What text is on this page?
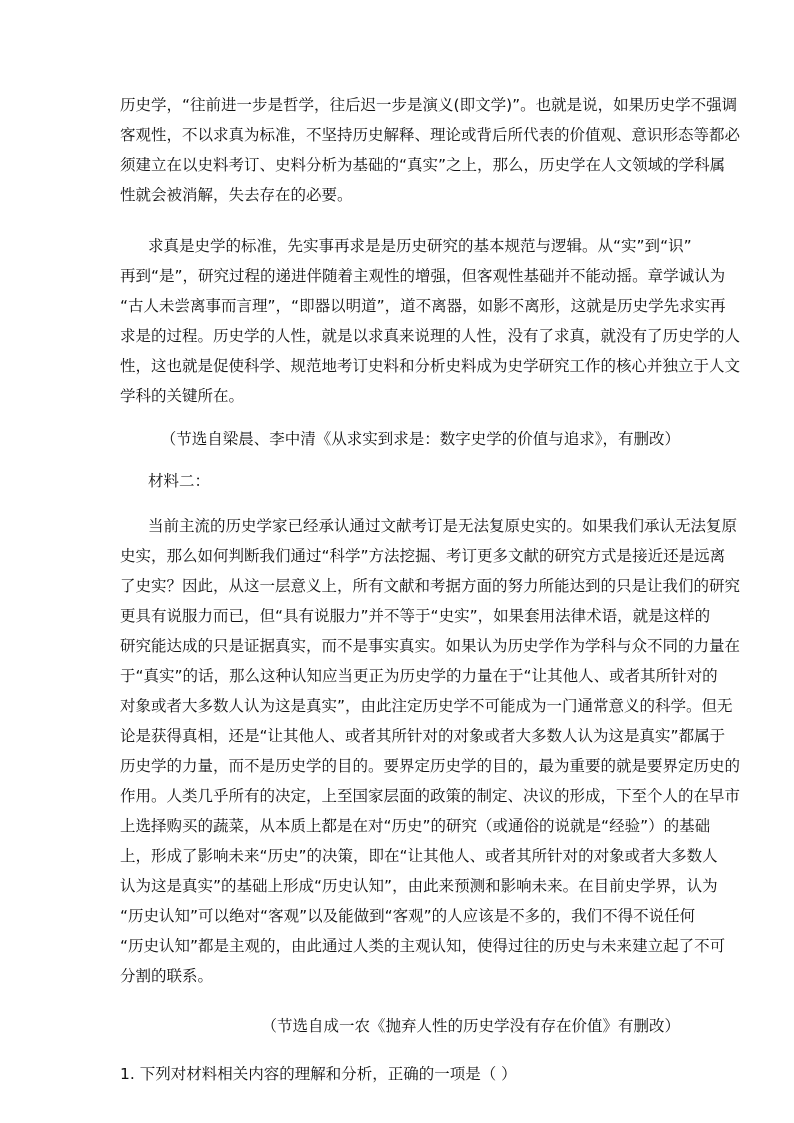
历史学，“往前进一步是哲学，往后迟一步是演义(即文学)”。也就是说，如果历史学不强调
客观性，不以求真为标准，不坚持历史解释、理论或背后所代表的价值观、意识形态等都必
须建立在以史料考订、史料分析为基础的“真实”之上，那么，历史学在人文领域的学科属
性就会被消解，失去存在的必要。
求真是史学的标准，先实事再求是是历史研究的基本规范与逻辑。从“实”到“识”
再到“是”，研究过程的递进伴随着主观性的增强，但客观性基础并不能动摇。章学诚认为
“古人未尝离事而言理”，“即器以明道”，道不离器，如影不离形，这就是历史学先求实再
求是的过程。历史学的人性，就是以求真来说理的人性，没有了求真，就没有了历史学的人
性，这也就是促使科学、规范地考订史料和分析史料成为史学研究工作的核心并独立于人文
学科的关键所在。
（节选自梁晨、李中清《从求实到求是：数字史学的价值与追求》，有删改）
材料二：
当前主流的历史学家已经承认通过文献考订是无法复原史实的。如果我们承认无法复原
史实，那么如何判断我们通过“科学”方法挖掘、考订更多文献的研究方式是接近还是远离
了史实？因此，从这一层意义上，所有文献和考据方面的努力所能达到的只是让我们的研究
更具有说服力而已，但“具有说服力”并不等于“史实”，如果套用法律术语，就是这样的
研究能达成的只是证据真实，而不是事实真实。如果认为历史学作为学科与众不同的力量在
于“真实”的话，那么这种认知应当更正为历史学的力量在于“让其他人、或者其所针对的
对象或者大多数人认为这是真实”，由此注定历史学不可能成为一门通常意义的科学。但无
论是获得真相，还是“让其他人、或者其所针对的对象或者大多数人认为这是真实”都属于
历史学的力量，而不是历史学的目的。要界定历史学的目的，最为重要的就是要界定历史的
作用。人类几乎所有的决定，上至国家层面的政策的制定、决议的形成，下至个人的在早市
上选择购买的蔬菜，从本质上都是在对“历史”的研究（或通俗的说就是“经验”）的基础
上，形成了影响未来“历史”的决策，即在“让其他人、或者其所针对的对象或者大多数人
认为这是真实”的基础上形成“历史认知”，由此来预测和影响未来。在目前史学界，认为
“历史认知”可以绝对“客观”以及能做到“客观”的人应该是不多的，我们不得不说任何
“历史认知”都是主观的，由此通过人类的主观认知，使得过往的历史与未来建立起了不可
分割的联系。
（节选自成一农《抛弃人性的历史学没有存在价值》有删改）
1. 下列对材料相关内容的理解和分析，正确的一项是（ ）
